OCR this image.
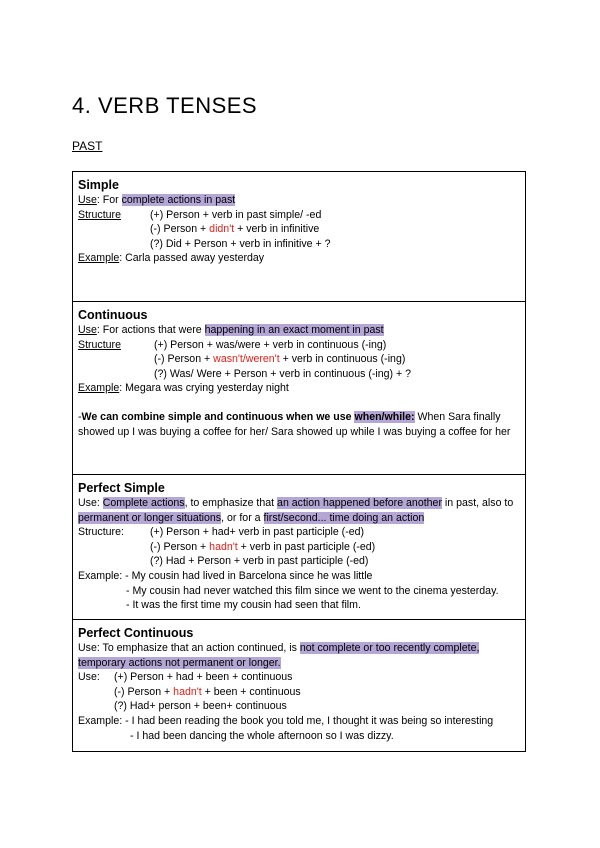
4. VERB TENSES
PAST
Simple
Use: For complete actions in past
Structure	(+) Person + verb in past simple/ -ed
(-) Person + didn't + verb in infinitive
(?) Did + Person + verb in infinitive + ?
Example: Carla passed away yesterday
Continuous
Use: For actions that were happening in an exact moment in past
Structure	(+) Person + was/were + verb in continuous (-ing)
(-) Person + wasn't/weren't + verb in continuous (-ing)
(?) Was/ Were + Person + verb in continuous (-ing) + ?
Example: Megara was crying yesterday night
-We can combine simple and continuous when we use when/while: When Sara finally showed up I was buying a coffee for her/ Sara showed up while I was buying a coffee for her
Perfect Simple
Use: Complete actions, to emphasize that an action happened before another in past, also to permanent or longer situations, or for a first/second... time doing an action
Structure: (+) Person + had+ verb in past participle (-ed)
(-) Person + hadn't + verb in past participle (-ed)
(?) Had + Person + verb in past participle (-ed)
Example: - My cousin had lived in Barcelona since he was little
- My cousin had never watched this film since we went to the cinema yesterday.
- It was the first time my cousin had seen that film.
Perfect Continuous
Use: To emphasize that an action continued, is not complete or too recently complete, temporary actions not permanent or longer.
Use: (+) Person + had + been + continuous
(-) Person + hadn't + been + continuous
(?) Had+ person + been+ continuous
Example: - I had been reading the book you told me, I thought it was being so interesting
- I had been dancing the whole afternoon so I was dizzy.
